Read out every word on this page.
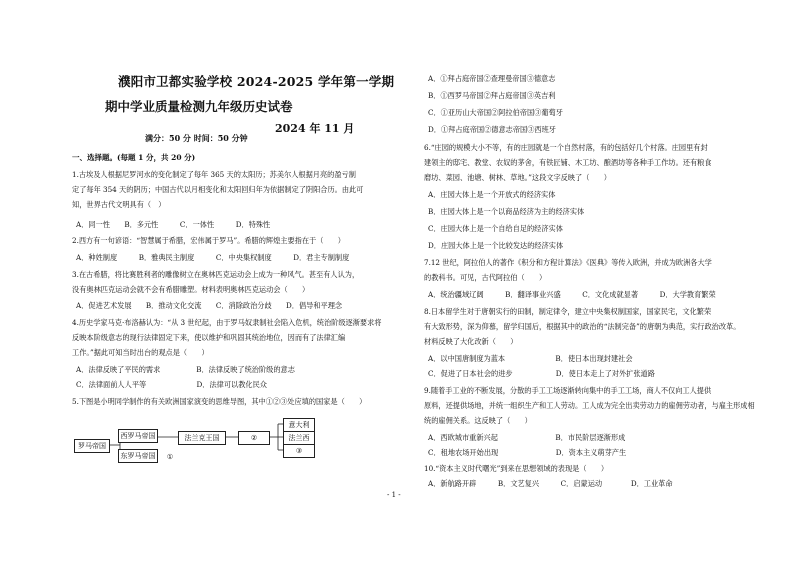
濮阳市卫都实验学校 2024-2025 学年第一学期
期中学业质量检测九年级历史试卷
2024 年 11 月
满分：50 分 时间：50 分钟
一、选择题。(每题 1 分，共 20 分)
1.古埃及人根据尼罗河水的变化制定了每年 365 天的太阳历；苏美尔人根据月亮的盈亏制
定了每年 354 天的阴历；中国古代以月相变化和太阳回归年为依据制定了阴阳合历。由此可
知，世界古代文明具有（　）
A．同一性　　B．多元性　　　C．一体性　　　D．特殊性
2.西方有一句谚语：“智慧属于希腊，宏伟属于罗马”。希腊的辉煌主要指在于（　　）
A．种姓制度　　　B．雅典民主制度　　　C．中央集权制度　　　D．君主专制制度
3.在古希腊，将比赛胜利者的雕像树立在奥林匹克运动会上成为一种风气。甚至有人认为，
没有奥林匹克运动会就不会有希腊雕塑。材料表明奥林匹克运动会（　　）
A．促进艺术发展　　B．推动文化交流　　C．消除政治分歧　　D．倡导和平理念
4.历史学家马克·布洛赫认为：“从 3 世纪起，由于罗马奴隶制社会陷入危机，统治阶级逐渐要求将
反映本阶级意志的现行法律固定下来，使以维护和巩固其统治地位，因而有了法律汇编
工作。”据此可知当时出台的观点是（　　）
A．法律反映了平民的需求　　　　　B．法律反映了统治阶级的意志
C．法律面前人人平等　　　　　　　D．法律可以教化民众
5.下图是小明同学制作的有关欧洲国家演变的思维导图，其中①②③处应填的国家是（　　）
罗马帝国
西罗马帝国
东罗马帝国
法兰克王国	②
意大利
法兰西
③
①
A．①拜占庭帝国②查理曼帝国③德意志
B．①西罗马帝国②拜占庭帝国③英吉利
C．①亚历山大帝国②阿拉伯帝国③葡萄牙
D．①拜占庭帝国②德意志帝国③西班牙
6.“庄园的规模大小不等，有的庄园就是一个自然村落，有的包括好几个村落。庄园里有封
建领主的邸宅、教堂、农奴的茅舍，有铁匠铺、木工坊、酿酒坊等各种手工作坊。还有粮食
磨坊、菜园、池塘、树林、草地。”这段文字反映了（　　）
A．庄园大体上是一个开放式的经济实体
B．庄园大体上是一个以商品经济为主的经济实体
C．庄园大体上是一个自给自足的经济实体
D．庄园大体上是一个比较发达的经济实体
7.12 世纪，阿拉伯人的著作《积分和方程计算法》《医典》等传入欧洲，并成为欧洲各大学
的教科书。可见，古代阿拉伯（　　）
A．统治疆域辽阔　　　B．翻译事业兴盛　　　C．文化成就显著　　　D．大学教育繁荣
8.日本留学生对于唐朝实行的田制，制定律令，建立中央集权制国家，国家民宅，文化繁荣
有大致形势，深为仰慕，留学归国后，根据其中的政治的“法制完备”的唐朝为典范，实行政治改革。
材料反映了大化改新（　　）
A．以中国唐制度为蓝本　　　　　　　B．使日本出现封建社会
C．促进了日本社会的进步　　　　　　D．使日本走上了对外扩张道路
9.随着手工业的不断发展，分散的手工工场逐渐转向集中的手工工场，商人不仅向工人提供
原料，还提供场地，并统一组织生产和工人劳动。工人成为完全出卖劳动力的雇佣劳动者，与雇主形成相
统的雇佣关系。这反映了（　　）
A．西欧城市重新兴起　　　　　　　　B．市民阶层逐渐形成
C．租地农场开始出现　　　　　　　　D．资本主义萌芽产生
10.“资本主义时代曙光”到来在思想领域的表现是（　　）
A．新航路开辟　　　B．文艺复兴　　　C．启蒙运动　　　　D．工业革命
- 1 -
